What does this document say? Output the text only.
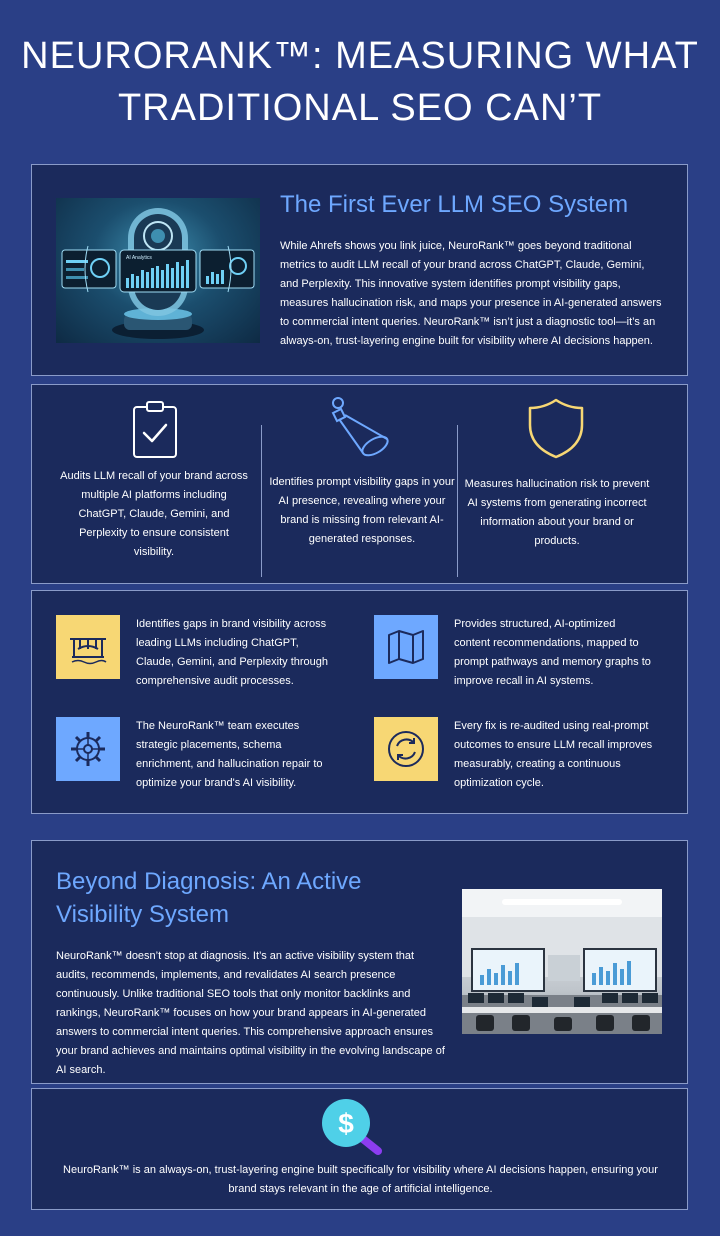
NEURORANK™: MEASURING WHAT
TRADITIONAL SEO CAN’T
AI Analytics
The First Ever LLM SEO System

While Ahrefs shows you link juice, NeuroRank™ goes beyond traditional metrics to audit LLM recall of your brand across ChatGPT, Claude, Gemini, and Perplexity. This innovative system identifies prompt visibility gaps, measures hallucination risk, and maps your presence in AI-generated answers to commercial intent queries. NeuroRank™ isn’t just a diagnostic tool—it’s an always-on, trust-layering engine built for visibility where AI decisions happen.

Audits LLM recall of your brand across multiple AI platforms including ChatGPT, Claude, Gemini, and Perplexity to ensure consistent visibility.

Identifies prompt visibility gaps in your AI presence, revealing where your brand is missing from relevant AI-generated responses.

Measures hallucination risk to prevent AI systems from generating incorrect information about your brand or products.

Identifies gaps in brand visibility across leading LLMs including ChatGPT, Claude, Gemini, and Perplexity through comprehensive audit processes.

Provides structured, AI-optimized content recommendations, mapped to prompt pathways and memory graphs to improve recall in AI systems.

The NeuroRank™ team executes strategic placements, schema enrichment, and hallucination repair to optimize your brand's AI visibility.

Every fix is re-audited using real-prompt outcomes to ensure LLM recall improves measurably, creating a continuous optimization cycle.

Beyond Diagnosis: An Active Visibility System

NeuroRank™ doesn’t stop at diagnosis. It’s an active visibility system that audits, recommends, implements, and revalidates AI search presence continuously. Unlike traditional SEO tools that only monitor backlinks and rankings, NeuroRank™ focuses on how your brand appears in AI-generated answers to commercial intent queries. This comprehensive approach ensures your brand achieves and maintains optimal visibility in the evolving landscape of AI search.

$

NeuroRank™ is an always-on, trust-layering engine built specifically for visibility where AI decisions happen, ensuring your brand stays relevant in the age of artificial intelligence.
